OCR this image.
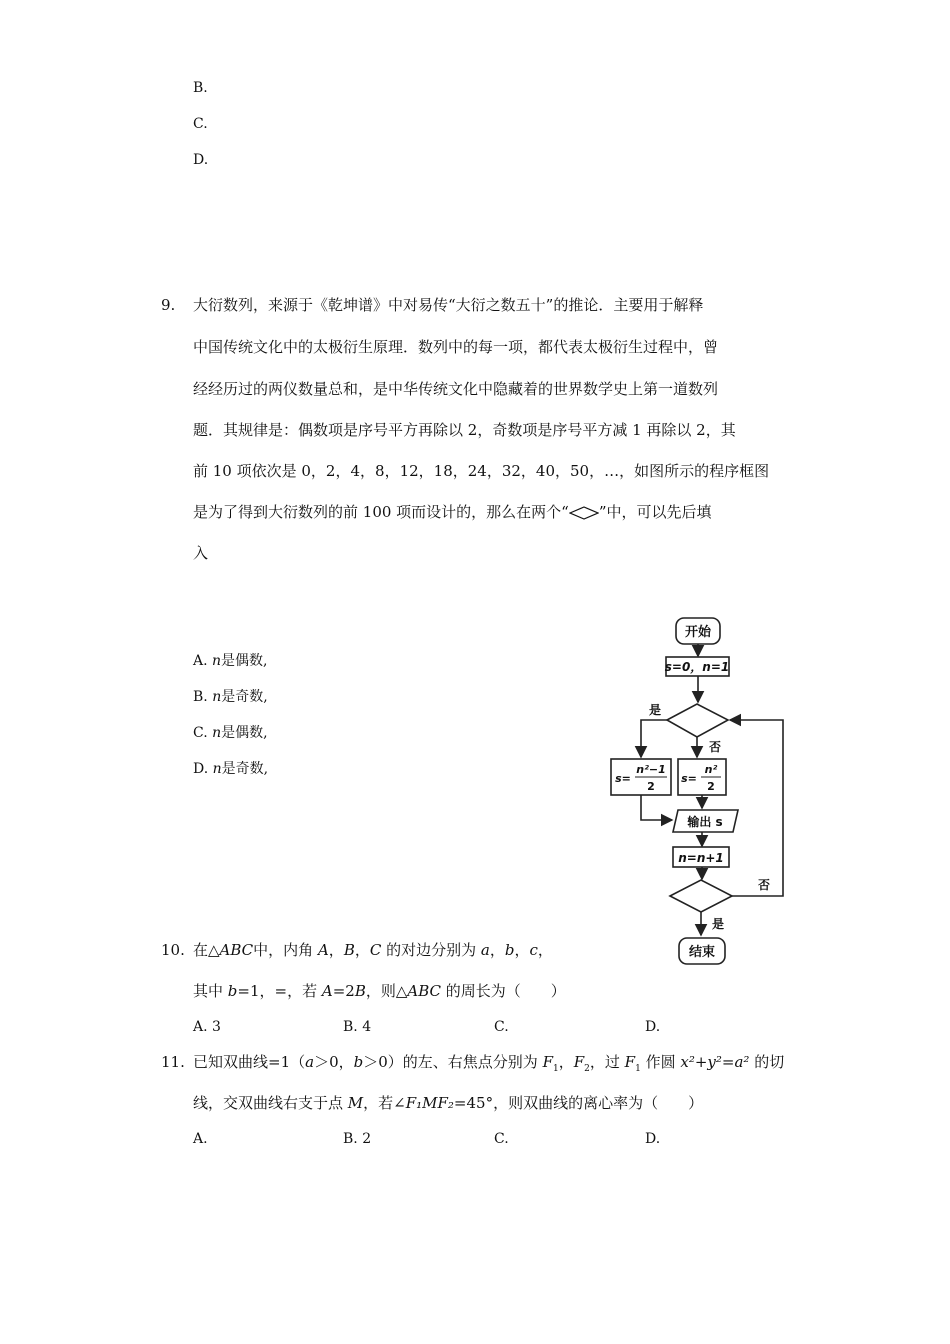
B.
C.
D.
9. 大衍数列，来源于《乾坤谱》中对易传“大衍之数五十”的推论．主要用于解释
中国传统文化中的太极衍生原理．数列中的每一项，都代表太极衍生过程中，曾
经经历过的两仪数量总和，是中华传统文化中隐藏着的世界数学史上第一道数列
题．其规律是：偶数项是序号平方再除以 2，奇数项是序号平方减 1 再除以 2，其
前 10 项依次是 0，2，4，8，12，18，24，32，40，50，…，如图所示的程序框图
是为了得到大衍数列的前 100 项而设计的，那么在两个“ ”中，可以先后填
入
A. n是偶数,
B. n是奇数,
C. n是偶数,
D. n是奇数,
开始
s=0，n=1
是
否
s=
n²−1
2
s=
n²
2
输出 s
n=n+1
否
是
结束
10. 在△ABC中，内角 A，B，C 的对边分别为 a，b，c，
其中 b=1，=，若 A=2B，则△ABC 的周长为（　　）
A. 3	B. 4	C.	D.
11. 已知双曲线=1（a＞0，b＞0）的左、右焦点分别为 $F_1$，$F_2$，过 $F_1$ 作圆 x²+y²=a² 的切
线，交双曲线右支于点 M，若∠F₁MF₂=45°，则双曲线的离心率为（　　）
A.	B. 2	C.	D.
